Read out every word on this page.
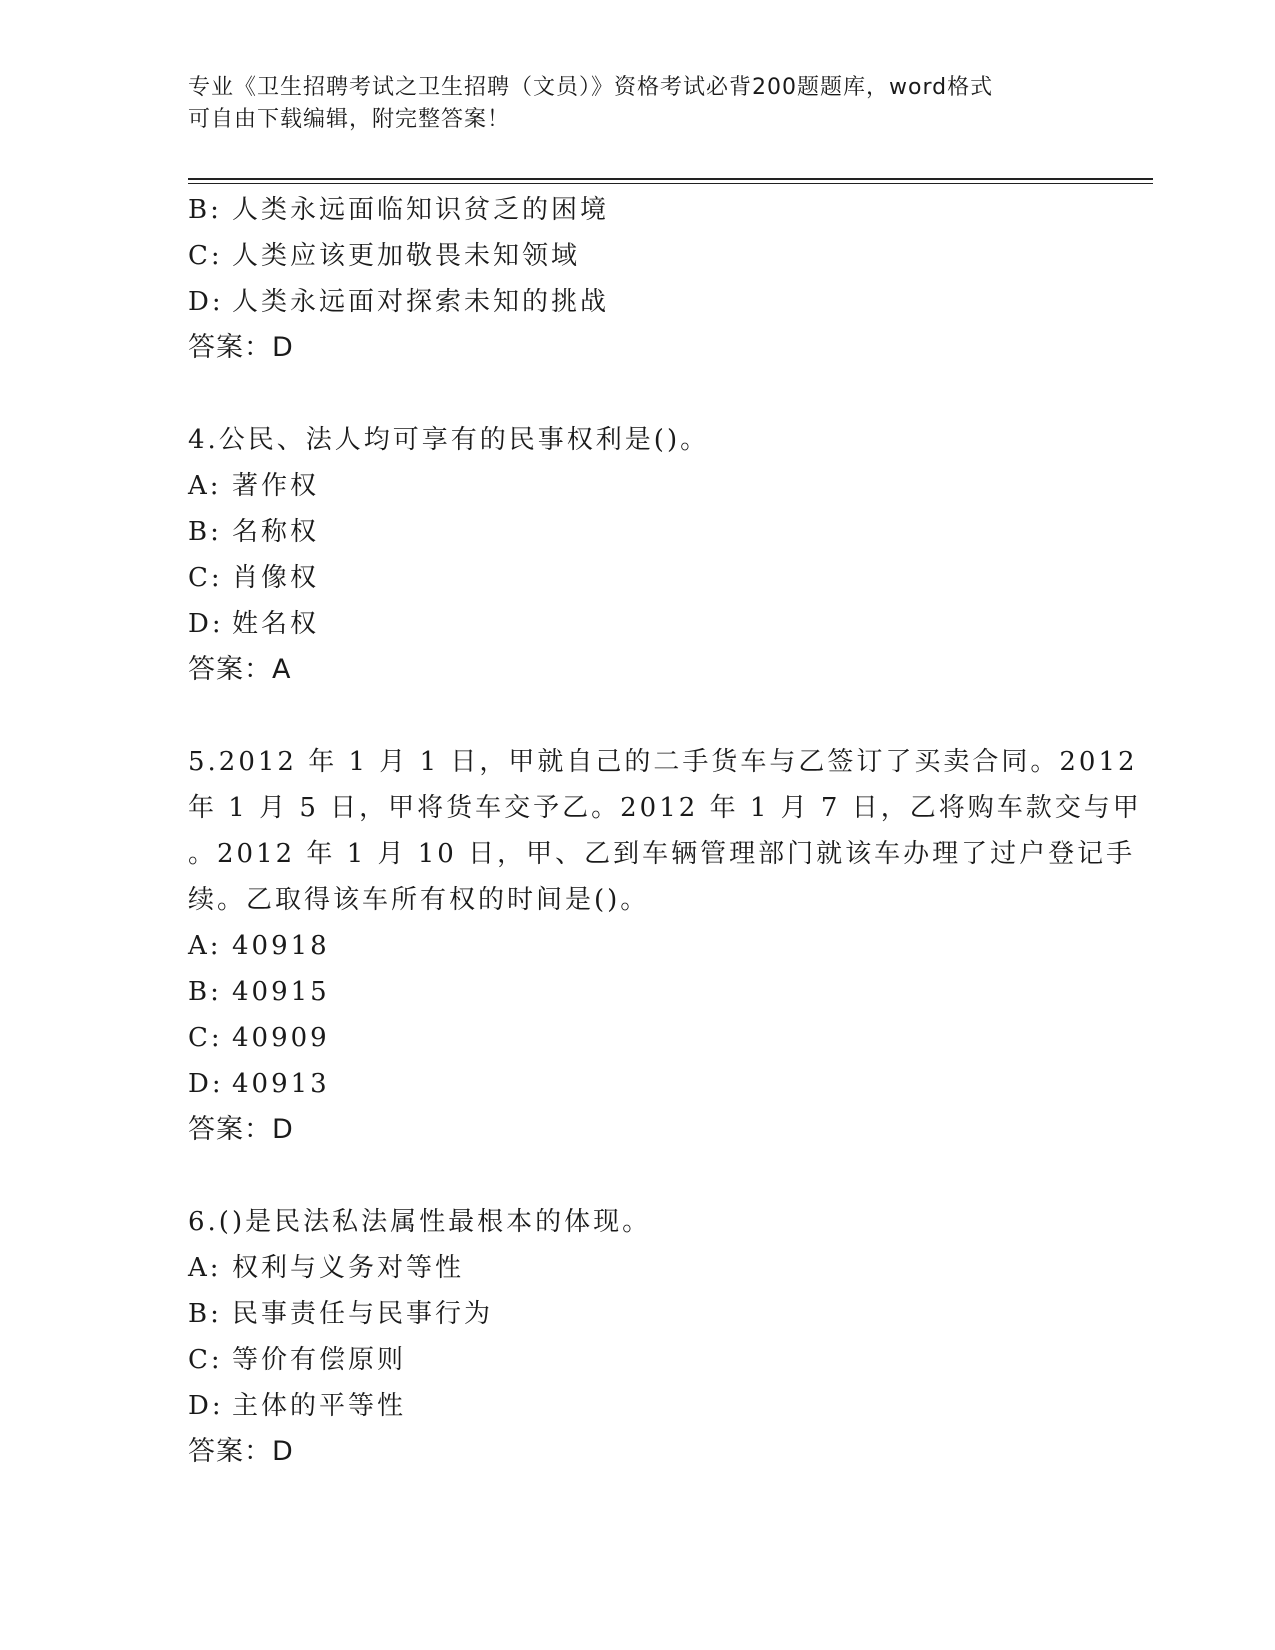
专业《卫生招聘考试之卫生招聘（文员）》资格考试必背200题题库，word格式
可自由下载编辑，附完整答案！
B: 人类永远面临知识贫乏的困境
C: 人类应该更加敬畏未知领域
D: 人类永远面对探索未知的挑战
答案：D
4.公民、法人均可享有的民事权利是()。
A: 著作权
B: 名称权
C: 肖像权
D: 姓名权
答案：A
5.2012 年 1 月 1 日，甲就自己的二手货车与乙签订了买卖合同。2012
年 1 月 5 日，甲将货车交予乙。2012 年 1 月 7 日，乙将购车款交与甲
。2012 年 1 月 10 日，甲、乙到车辆管理部门就该车办理了过户登记手
续。乙取得该车所有权的时间是()。
A: 40918
B: 40915
C: 40909
D: 40913
答案：D
6.()是民法私法属性最根本的体现。
A: 权利与义务对等性
B: 民事责任与民事行为
C: 等价有偿原则
D: 主体的平等性
答案：D
